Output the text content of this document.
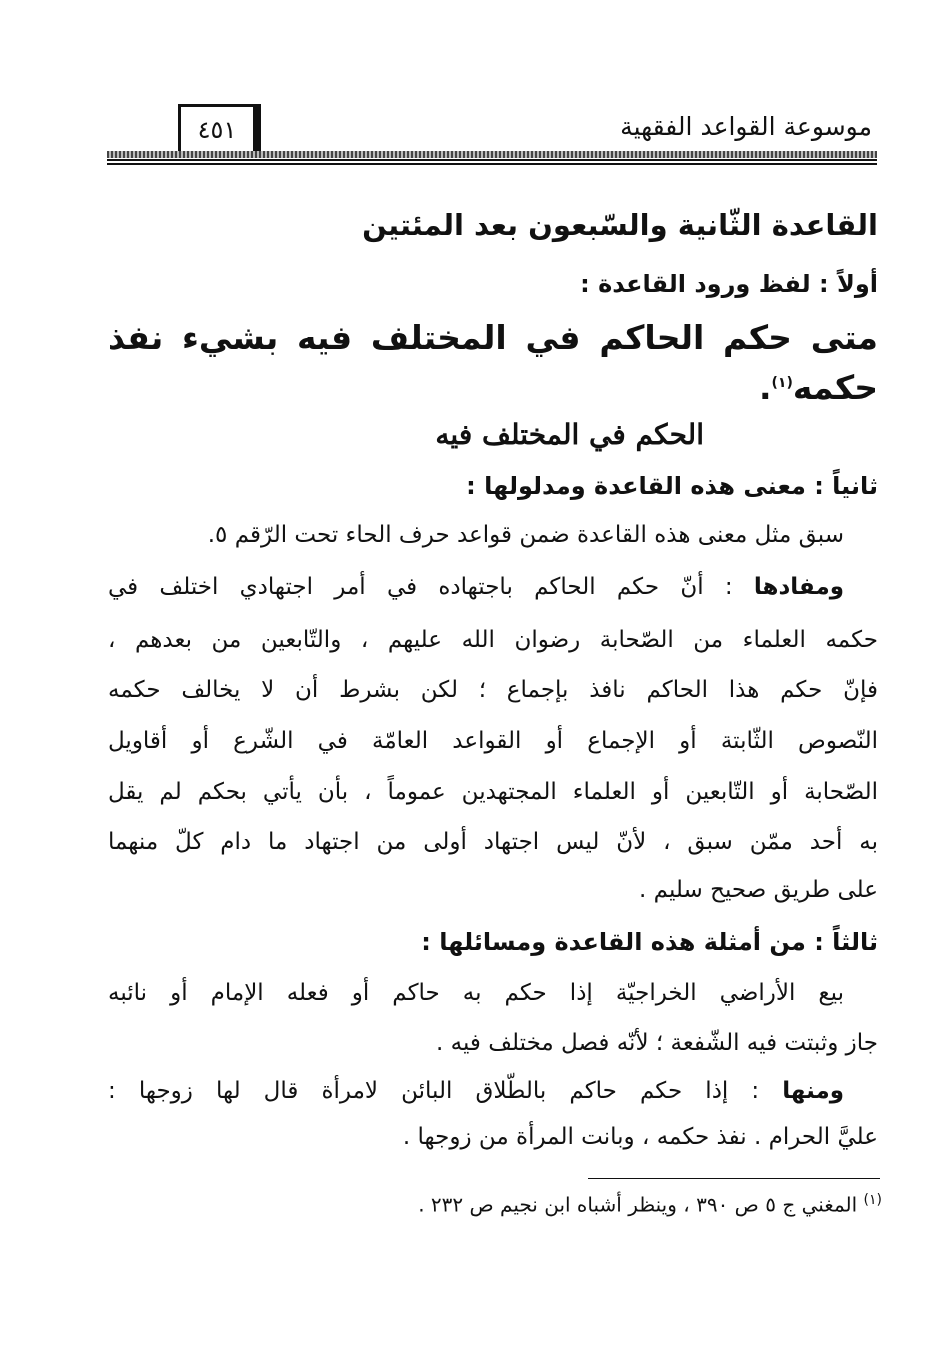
موسوعة القواعد الفقهية
٤٥١
القاعدة الثّانية والسّبعون بعد المئتين
أولاً : لفظ ورود القاعدة :
متى حكم الحاكم في المختلف فيه بشيء نفذ
حكمه$^{(١)}$.
الحكم في المختلف فيه
ثانياً : معنى هذه القاعدة ومدلولها :
سبق مثل معنى هذه القاعدة ضمن قواعد حرف الحاء تحت الرّقم ٥.
ومفادها : أنّ حكم الحاكم باجتهاده في أمر اجتهادي اختلف في
حكمه العلماء من الصّحابة رضوان الله عليهم ، والتّابعين من بعدهم ،
فإنّ حكم هذا الحاكم نافذ بإجماع ؛ لكن بشرط أن لا يخالف حكمه
النّصوص الثّابتة أو الإجماع أو القواعد العامّة في الشّرع أو أقاويل
الصّحابة أو التّابعين أو العلماء المجتهدين عموماً ، بأن يأتي بحكم لم يقل
به أحد ممّن سبق ، لأنّ ليس اجتهاد أولى من اجتهاد ما دام كلّ منهما
على طريق صحيح سليم .
ثالثاً : من أمثلة هذه القاعدة ومسائلها :
بيع الأراضي الخراجيّة إذا حكم به حاكم أو فعله الإمام أو نائبه
جاز وثبتت فيه الشّفعة ؛ لأنّه فصل مختلف فيه .
ومنها : إذا حكم حاكم بالطّلاق البائن لامرأة قال لها زوجها :
عليَّ الحرام . نفذ حكمه ، وبانت المرأة من زوجها .
$^{(١)}$ المغني ج ٥ ص ٣٩٠ ، وينظر أشباه ابن نجيم ص ٢٣٢ .
